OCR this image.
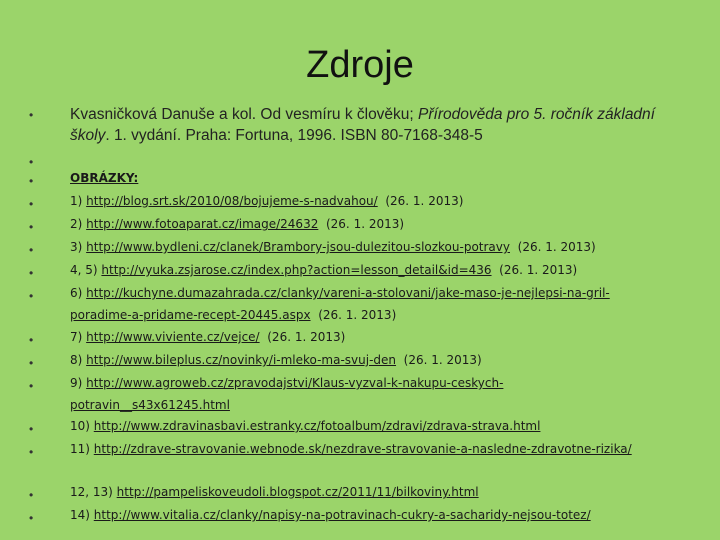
Zdroje
• Kvasničková Danuše a kol. Od vesmíru k člověku; Přírodověda pro 5. ročník základní školy. 1. vydání. Praha: Fortuna, 1996. ISBN 80-7168-348-5
•
•	OBRÁZKY:
•	1) http://blog.srt.sk/2010/08/bojujeme-s-nadvahou/ (26. 1. 2013)
•	2) http://www.fotoaparat.cz/image/24632 (26. 1. 2013)
•	3) http://www.bydleni.cz/clanek/Brambory-jsou-dulezitou-slozkou-potravy (26. 1. 2013)
•	4, 5) http://vyuka.zsjarose.cz/index.php?action=lesson_detail&id=436 (26. 1. 2013)
•	6) http://kuchyne.dumazahrada.cz/clanky/vareni-a-stolovani/jake-maso-je-nejlepsi-na-gril-poradime-a-pridame-recept-20445.aspx (26. 1. 2013)
•	7) http://www.viviente.cz/vejce/ (26. 1. 2013)
•	8) http://www.bileplus.cz/novinky/i-mleko-ma-svuj-den (26. 1. 2013)
•	9) http://www.agroweb.cz/zpravodajstvi/Klaus-vyzval-k-nakupu-ceskych-potravin__s43x61245.html
•	10) http://www.zdravinasbavi.estranky.cz/fotoalbum/zdravi/zdrava-strava.html
•	11) http://zdrave-stravovanie.webnode.sk/nezdrave-stravovanie-a-nasledne-zdravotne-rizika/
•	12, 13) http://pampeliskoveudoli.blogspot.cz/2011/11/bilkoviny.html
•	14) http://www.vitalia.cz/clanky/napisy-na-potravinach-cukry-a-sacharidy-nejsou-totez/
